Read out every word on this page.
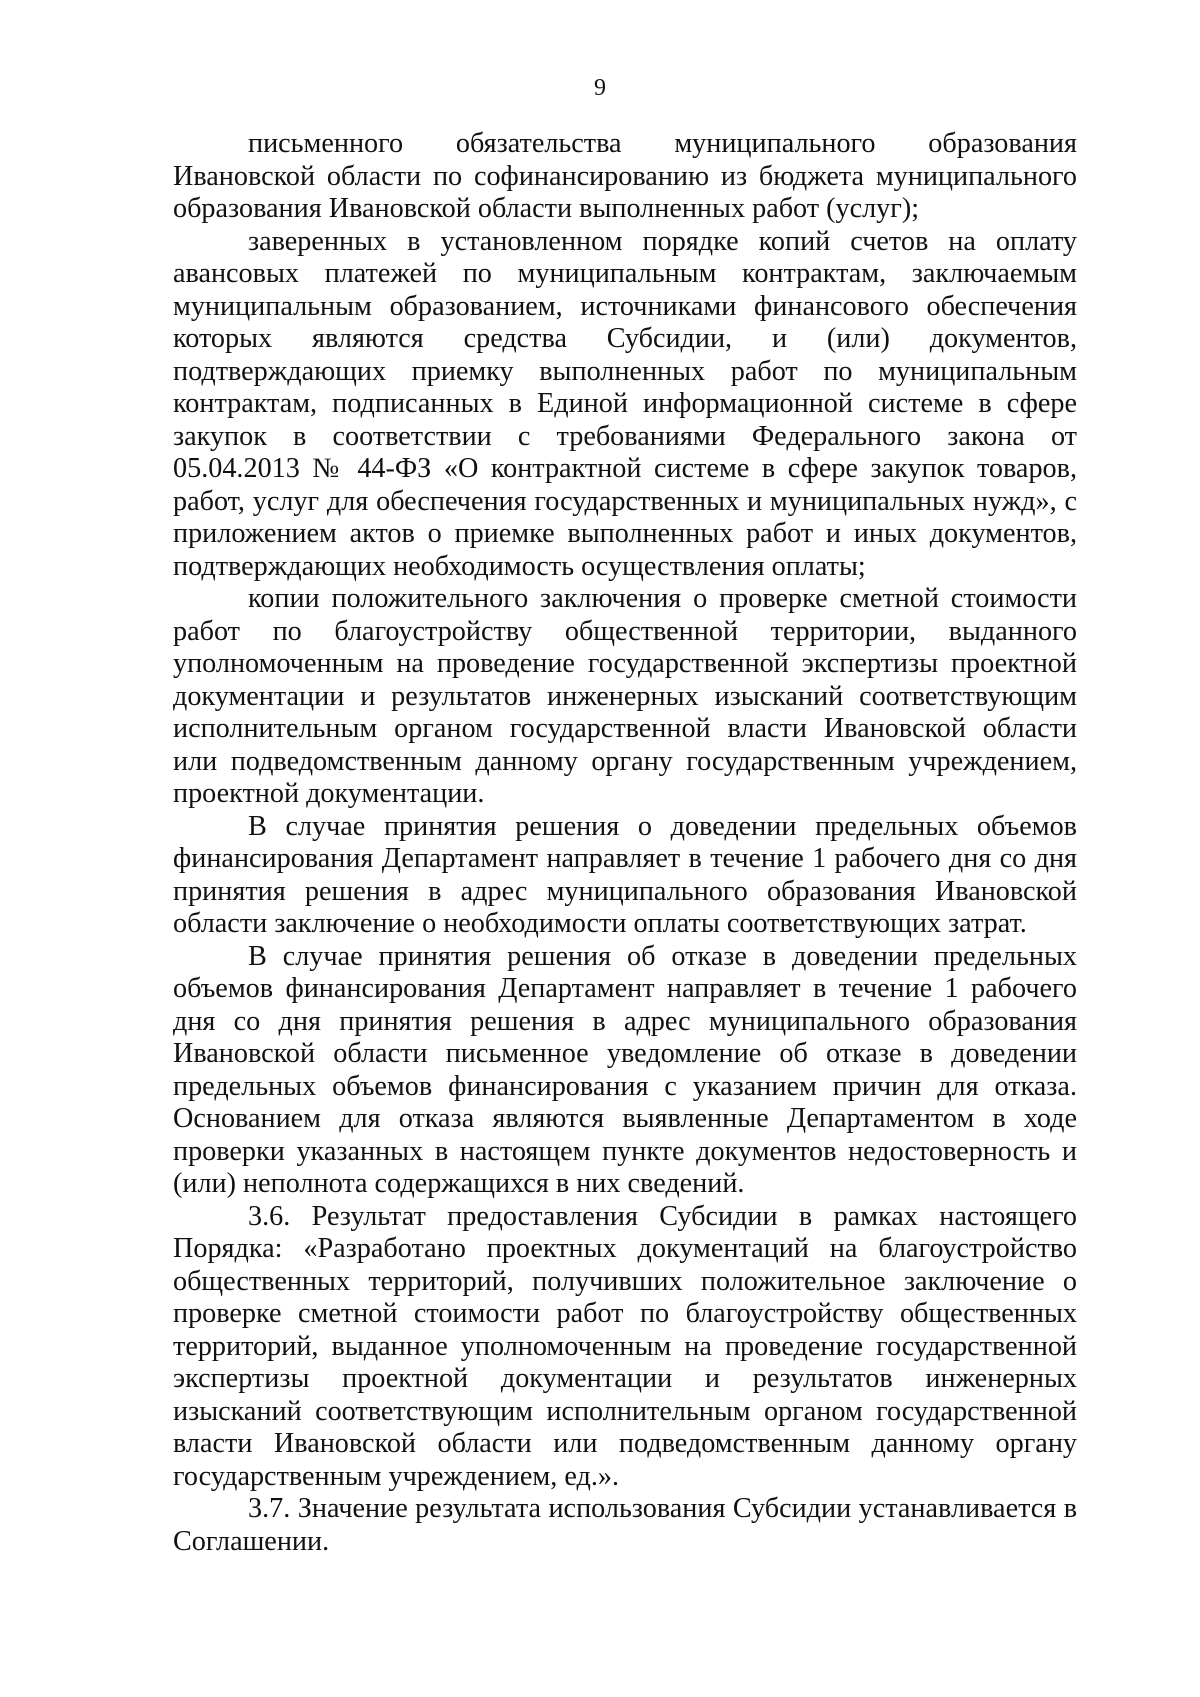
9

письменного обязательства муниципального образования Ивановской области по софинансированию из бюджета муниципального образования Ивановской области выполненных работ (услуг);

заверенных в установленном порядке копий счетов на оплату авансовых платежей по муниципальным контрактам, заключаемым муниципальным образованием, источниками финансового обеспечения которых являются средства Субсидии, и (или) документов, подтверждающих приемку выполненных работ по муниципальным контрактам, подписанных в Единой информационной системе в сфере закупок в соответствии с требованиями Федерального закона от 05.04.2013 № 44-ФЗ «О контрактной системе в сфере закупок товаров, работ, услуг для обеспечения государственных и муниципальных нужд», с приложением актов о приемке выполненных работ и иных документов, подтверждающих необходимость осуществления оплаты;

копии положительного заключения о проверке сметной стоимости работ по благоустройству общественной территории, выданного уполномоченным на проведение государственной экспертизы проектной документации и результатов инженерных изысканий соответствующим исполнительным органом государственной власти Ивановской области или подведомственным данному органу государственным учреждением, проектной документации.

В случае принятия решения о доведении предельных объемов финансирования Департамент направляет в течение 1 рабочего дня со дня принятия решения в адрес муниципального образования Ивановской области заключение о необходимости оплаты соответствующих затрат.

В случае принятия решения об отказе в доведении предельных объемов финансирования Департамент направляет в течение 1 рабочего дня со дня принятия решения в адрес муниципального образования Ивановской области письменное уведомление об отказе в доведении предельных объемов финансирования с указанием причин для отказа. Основанием для отказа являются выявленные Департаментом в ходе проверки указанных в настоящем пункте документов недостоверность и (или) неполнота содержащихся в них сведений.

3.6. Результат предоставления Субсидии в рамках настоящего Порядка: «Разработано проектных документаций на благоустройство общественных территорий, получивших положительное заключение о проверке сметной стоимости работ по благоустройству общественных территорий, выданное уполномоченным на проведение государственной экспертизы проектной документации и результатов инженерных изысканий соответствующим исполнительным органом государственной власти Ивановской области или подведомственным данному органу государственным учреждением, ед.».

3.7. Значение результата использования Субсидии устанавливается в Соглашении.
